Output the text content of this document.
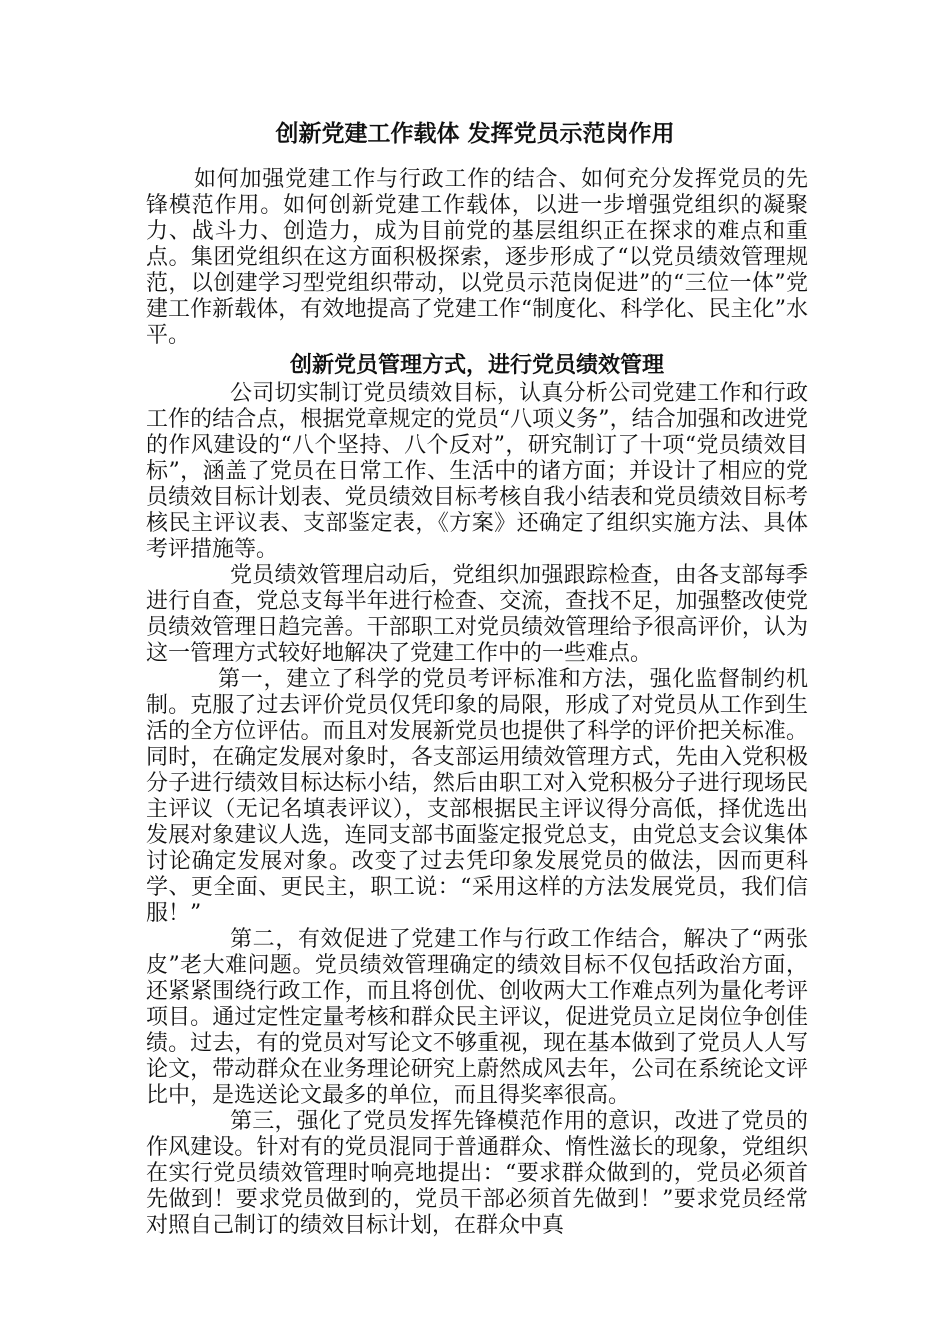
创新党建工作载体 发挥党员示范岗作用

如何加强党建工作与行政工作的结合、如何充分发挥党员的先锋模范作用。如何创新党建工作载体，以进一步增强党组织的凝聚力、战斗力、创造力，成为目前党的基层组织正在探求的难点和重点。集团党组织在这方面积极探索，逐步形成了“以党员绩效管理规范，以创建学习型党组织带动，以党员示范岗促进”的“三位一体”党建工作新载体，有效地提高了党建工作“制度化、科学化、民主化”水平。

创新党员管理方式，进行党员绩效管理

公司切实制订党员绩效目标，认真分析公司党建工作和行政工作的结合点，根据党章规定的党员“八项义务”，结合加强和改进党的作风建设的“八个坚持、八个反对”，研究制订了十项“党员绩效目标”，涵盖了党员在日常工作、生活中的诸方面；并设计了相应的党员绩效目标计划表、党员绩效目标考核自我小结表和党员绩效目标考核民主评议表、支部鉴定表，《方案》还确定了组织实施方法、具体考评措施等。

党员绩效管理启动后，党组织加强跟踪检查，由各支部每季进行自查，党总支每半年进行检查、交流，查找不足，加强整改使党员绩效管理日趋完善。干部职工对党员绩效管理给予很高评价，认为这一管理方式较好地解决了党建工作中的一些难点。

第一，建立了科学的党员考评标准和方法，强化监督制约机制。克服了过去评价党员仅凭印象的局限，形成了对党员从工作到生活的全方位评估。而且对发展新党员也提供了科学的评价把关标准。同时，在确定发展对象时，各支部运用绩效管理方式，先由入党积极分子进行绩效目标达标小结，然后由职工对入党积极分子进行现场民主评议（无记名填表评议），支部根据民主评议得分高低，择优选出发展对象建议人选，连同支部书面鉴定报党总支，由党总支会议集体讨论确定发展对象。改变了过去凭印象发展党员的做法，因而更科学、更全面、更民主，职工说：“采用这样的方法发展党员，我们信服！”

第二，有效促进了党建工作与行政工作结合，解决了“两张皮”老大难问题。党员绩效管理确定的绩效目标不仅包括政治方面，还紧紧围绕行政工作，而且将创优、创收两大工作难点列为量化考评项目。通过定性定量考核和群众民主评议，促进党员立足岗位争创佳绩。过去，有的党员对写论文不够重视，现在基本做到了党员人人写论文，带动群众在业务理论研究上蔚然成风去年，公司在系统论文评比中，是选送论文最多的单位，而且得奖率很高。

第三，强化了党员发挥先锋模范作用的意识，改进了党员的作风建设。针对有的党员混同于普通群众、惰性滋长的现象，党组织在实行党员绩效管理时响亮地提出：“要求群众做到的，党员必须首先做到！要求党员做到的，党员干部必须首先做到！”要求党员经常对照自己制订的绩效目标计划，在群众中真
